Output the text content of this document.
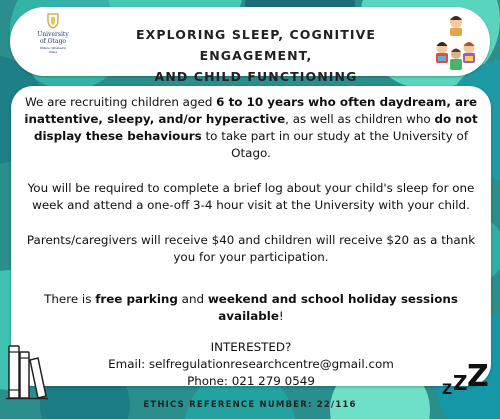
University
of Otago
Ōtākou Whakaihu Waka
EXPLORING SLEEP, COGNITIVE ENGAGEMENT,
AND CHILD FUNCTIONING

We are recruiting children aged 6 to 10 years who often daydream, are inattentive, sleepy, and/or hyperactive, as well as children who do not display these behaviours to take part in our study at the University of Otago.

You will be required to complete a brief log about your child's sleep for one week and attend a one-off 3-4 hour visit at the University with your child.

Parents/caregivers will receive $40 and children will receive $20 as a thank you for your participation.

There is free parking and weekend and school holiday sessions available!

INTERESTED?
Email: selfregulationresearchcentre@gmail.com
Phone: 021 279 0549
Z Z Z
ETHICS REFERENCE NUMBER: 22/116
